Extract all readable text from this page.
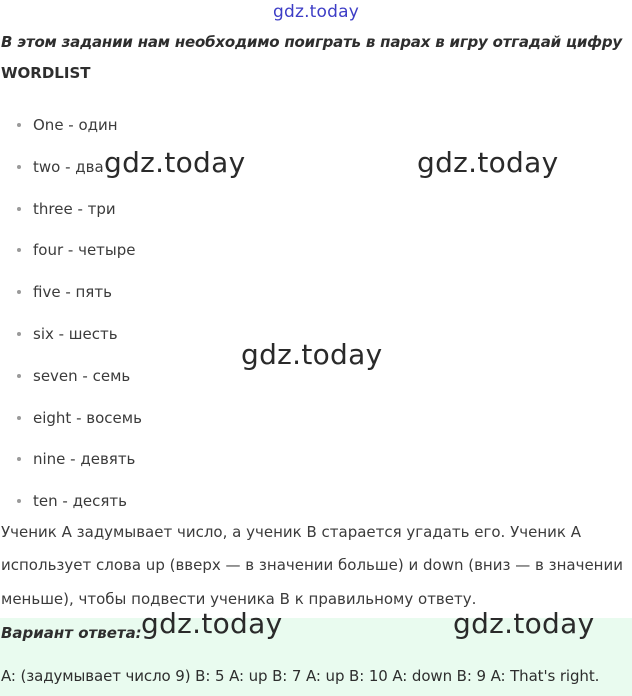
gdz.today
В этом задании нам необходимо поиграть в парах в игру отгадай цифру
WORDLIST
One - один
two - два
three - три
four - четыре
five - пять
six - шесть
seven - семь
eight - восемь
nine - девять
ten - десять
Ученик А задумывает число, а ученик В старается угадать его. Ученик А
использует слова up (вверх — в значении больше) и down (вниз — в значении
меньше), чтобы подвести ученика В к правильному ответу.
Вариант ответа:
A: (задумывает число 9) B: 5 A: up B: 7 A: up B: 10 A: down B: 9 A: That's right.
gdz.today	gdz.today
gdz.today
gdz.today	gdz.today
